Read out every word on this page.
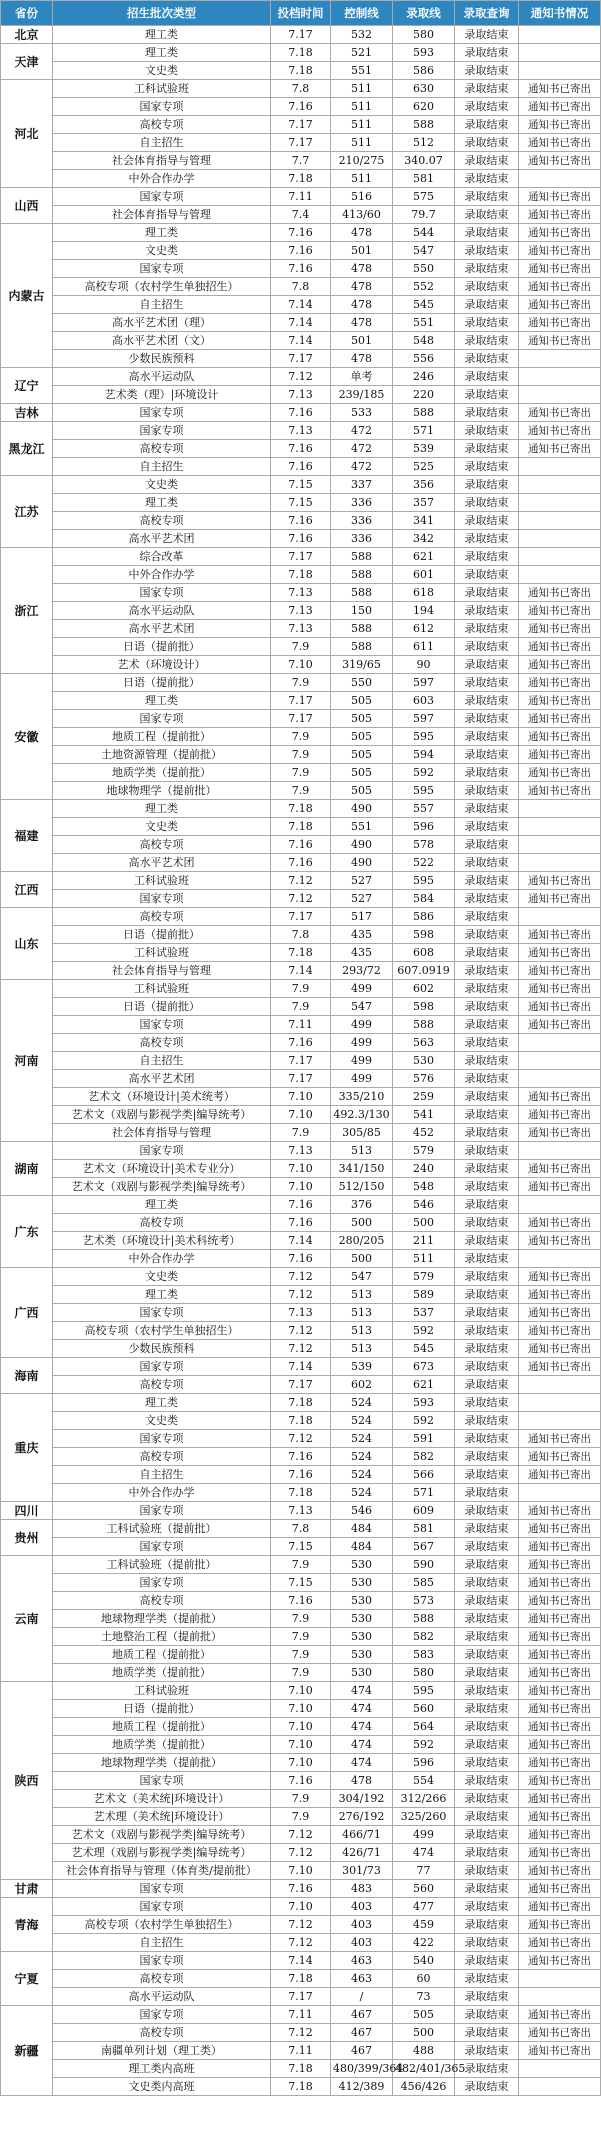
省份	招生批次类型	投档时间	控制线	录取线	录取查询	通知书情况
北京	理工类	7.17	532	580	录取结束	
天津	理工类	7.18	521	593	录取结束	
	文史类	7.18	551	586	录取结束	
河北	工科试验班	7.8	511	630	录取结束	通知书已寄出
	国家专项	7.16	511	620	录取结束	通知书已寄出
	高校专项	7.17	511	588	录取结束	通知书已寄出
	自主招生	7.17	511	512	录取结束	通知书已寄出
	社会体育指导与管理	7.7	210/275	340.07	录取结束	通知书已寄出
	中外合作办学	7.18	511	581	录取结束	
山西	国家专项	7.11	516	575	录取结束	通知书已寄出
	社会体育指导与管理	7.4	413/60	79.7	录取结束	通知书已寄出
内蒙古	理工类	7.16	478	544	录取结束	通知书已寄出
	文史类	7.16	501	547	录取结束	通知书已寄出
	国家专项	7.16	478	550	录取结束	通知书已寄出
	高校专项（农村学生单独招生）	7.8	478	552	录取结束	通知书已寄出
	自主招生	7.14	478	545	录取结束	通知书已寄出
	高水平艺术团（理）	7.14	478	551	录取结束	通知书已寄出
	高水平艺术团（文）	7.14	501	548	录取结束	通知书已寄出
	少数民族预科	7.17	478	556	录取结束	
辽宁	高水平运动队	7.12	单考	246	录取结束	
	艺术类（理）|环境设计	7.13	239/185	220	录取结束	
吉林	国家专项	7.16	533	588	录取结束	通知书已寄出
黑龙江	国家专项	7.13	472	571	录取结束	通知书已寄出
	高校专项	7.16	472	539	录取结束	通知书已寄出
	自主招生	7.16	472	525	录取结束	
江苏	文史类	7.15	337	356	录取结束	
	理工类	7.15	336	357	录取结束	
	高校专项	7.16	336	341	录取结束	
	高水平艺术团	7.16	336	342	录取结束	
浙江	综合改革	7.17	588	621	录取结束	
	中外合作办学	7.18	588	601	录取结束	
	国家专项	7.13	588	618	录取结束	通知书已寄出
	高水平运动队	7.13	150	194	录取结束	通知书已寄出
	高水平艺术团	7.13	588	612	录取结束	通知书已寄出
	日语（提前批）	7.9	588	611	录取结束	通知书已寄出
	艺术（环境设计）	7.10	319/65	90	录取结束	通知书已寄出
安徽	日语（提前批）	7.9	550	597	录取结束	通知书已寄出
	理工类	7.17	505	603	录取结束	通知书已寄出
	国家专项	7.17	505	597	录取结束	通知书已寄出
	地质工程（提前批）	7.9	505	595	录取结束	通知书已寄出
	土地资源管理（提前批）	7.9	505	594	录取结束	通知书已寄出
	地质学类（提前批）	7.9	505	592	录取结束	通知书已寄出
	地球物理学（提前批）	7.9	505	595	录取结束	通知书已寄出
福建	理工类	7.18	490	557	录取结束	
	文史类	7.18	551	596	录取结束	
	高校专项	7.16	490	578	录取结束	
	高水平艺术团	7.16	490	522	录取结束	
江西	工科试验班	7.12	527	595	录取结束	通知书已寄出
	国家专项	7.12	527	584	录取结束	通知书已寄出
山东	高校专项	7.17	517	586	录取结束	
	日语（提前批）	7.8	435	598	录取结束	通知书已寄出
	工科试验班	7.18	435	608	录取结束	通知书已寄出
	社会体育指导与管理	7.14	293/72	607.0919	录取结束	通知书已寄出
河南	工科试验班	7.9	499	602	录取结束	通知书已寄出
	日语（提前批）	7.9	547	598	录取结束	通知书已寄出
	国家专项	7.11	499	588	录取结束	通知书已寄出
	高校专项	7.16	499	563	录取结束	
	自主招生	7.17	499	530	录取结束	
	高水平艺术团	7.17	499	576	录取结束	
	艺术文（环境设计|美术统考）	7.10	335/210	259	录取结束	通知书已寄出
	艺术文（戏剧与影视学类|编导统考）	7.10	492.3/130	541	录取结束	通知书已寄出
	社会体育指导与管理	7.9	305/85	452	录取结束	通知书已寄出
湖南	国家专项	7.13	513	579	录取结束	
	艺术文（环境设计|美术专业分）	7.10	341/150	240	录取结束	通知书已寄出
	艺术文（戏剧与影视学类|编导统考）	7.10	512/150	548	录取结束	通知书已寄出
广东	理工类	7.16	376	546	录取结束	
	高校专项	7.16	500	500	录取结束	通知书已寄出
	艺术类（环境设计|美术科统考）	7.14	280/205	211	录取结束	通知书已寄出
	中外合作办学	7.16	500	511	录取结束	
广西	文史类	7.12	547	579	录取结束	通知书已寄出
	理工类	7.12	513	589	录取结束	通知书已寄出
	国家专项	7.13	513	537	录取结束	通知书已寄出
	高校专项（农村学生单独招生）	7.12	513	592	录取结束	通知书已寄出
	少数民族预科	7.12	513	545	录取结束	通知书已寄出
海南	国家专项	7.14	539	673	录取结束	通知书已寄出
	高校专项	7.17	602	621	录取结束	
重庆	理工类	7.18	524	593	录取结束	
	文史类	7.18	524	592	录取结束	
	国家专项	7.12	524	591	录取结束	通知书已寄出
	高校专项	7.16	524	582	录取结束	通知书已寄出
	自主招生	7.16	524	566	录取结束	通知书已寄出
	中外合作办学	7.18	524	571	录取结束	
四川	国家专项	7.13	546	609	录取结束	通知书已寄出
贵州	工科试验班（提前批）	7.8	484	581	录取结束	通知书已寄出
	国家专项	7.15	484	567	录取结束	通知书已寄出
云南	工科试验班（提前批）	7.9	530	590	录取结束	通知书已寄出
	国家专项	7.15	530	585	录取结束	通知书已寄出
	高校专项	7.16	530	573	录取结束	通知书已寄出
	地球物理学类（提前批）	7.9	530	588	录取结束	通知书已寄出
	土地整治工程（提前批）	7.9	530	582	录取结束	通知书已寄出
	地质工程（提前批）	7.9	530	583	录取结束	通知书已寄出
	地质学类（提前批）	7.9	530	580	录取结束	通知书已寄出
陕西	工科试验班	7.10	474	595	录取结束	通知书已寄出
	日语（提前批）	7.10	474	560	录取结束	通知书已寄出
	地质工程（提前批）	7.10	474	564	录取结束	通知书已寄出
	地质学类（提前批）	7.10	474	592	录取结束	通知书已寄出
	地球物理学类（提前批）	7.10	474	596	录取结束	通知书已寄出
	国家专项	7.16	478	554	录取结束	通知书已寄出
	艺术文（美术统|环境设计）	7.9	304/192	312/266	录取结束	通知书已寄出
	艺术理（美术统|环境设计）	7.9	276/192	325/260	录取结束	通知书已寄出
	艺术文（戏剧与影视学类|编导统考）	7.12	466/71	499	录取结束	通知书已寄出
	艺术理（戏剧与影视学类|编导统考）	7.12	426/71	474	录取结束	通知书已寄出
	社会体育指导与管理（体育类/提前批）	7.10	301/73	77	录取结束	通知书已寄出
甘肃	国家专项	7.16	483	560	录取结束	通知书已寄出
青海	国家专项	7.10	403	477	录取结束	通知书已寄出
	高校专项（农村学生单独招生）	7.12	403	459	录取结束	通知书已寄出
	自主招生	7.12	403	422	录取结束	通知书已寄出
宁夏	国家专项	7.14	463	540	录取结束	通知书已寄出
	高校专项	7.18	463	60	录取结束	
	高水平运动队	7.17	/	73	录取结束	
新疆	国家专项	7.11	467	505	录取结束	通知书已寄出
	高校专项	7.12	467	500	录取结束	通知书已寄出
	南疆单列计划（理工类）	7.11	467	488	录取结束	通知书已寄出
	理工类内高班	7.18	480/399/364	482/401/365	录取结束	
	文史类内高班	7.18	412/389	456/426	录取结束	
